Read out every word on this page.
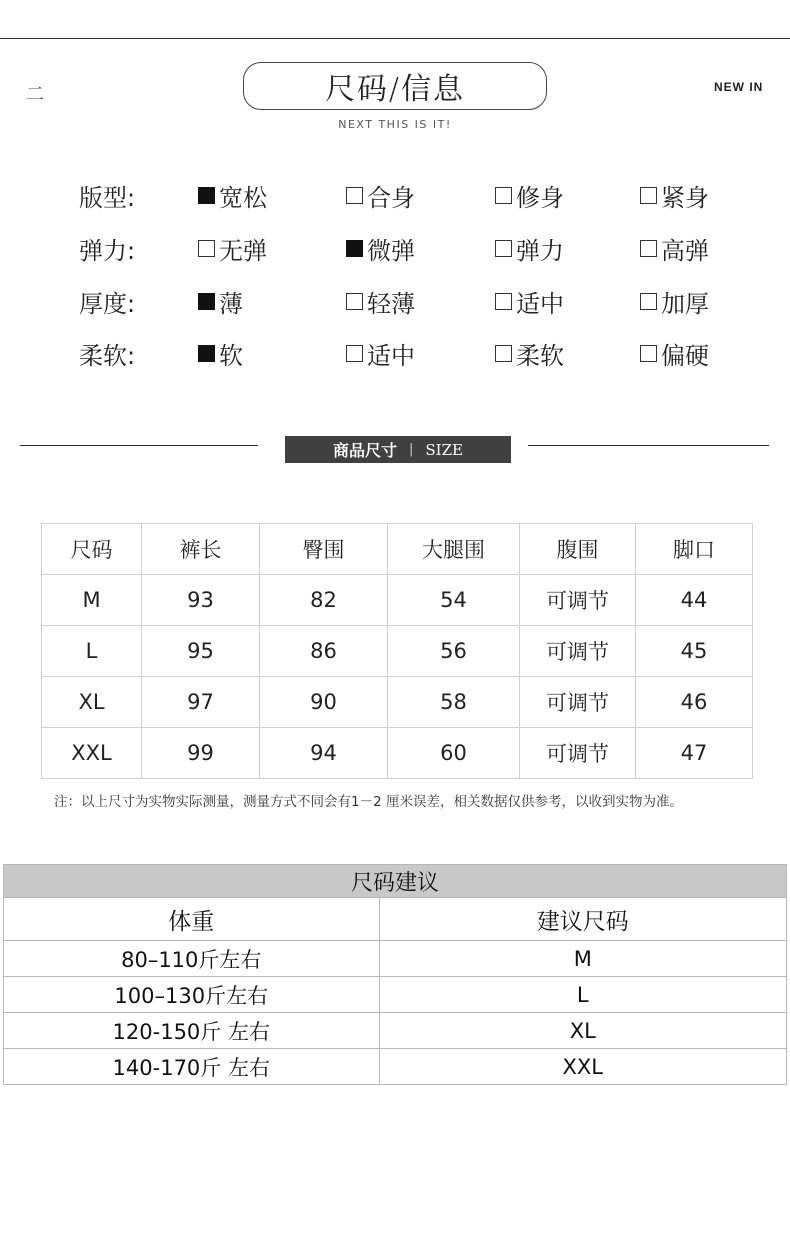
二	尺码/信息
NEXT THIS IS IT!
NEW IN
版型:	宽松	合身	修身	紧身
弹力:	无弹	微弹	弹力	高弹
厚度:	薄	轻薄	适中	加厚
柔软:	软	适中	柔软	偏硬
商品尺寸 | SIZE
尺码	裤长	臀围	大腿围	腹围	脚口
M	93	82	54	可调节	44
L	95	86	56	可调节	45
XL	97	90	58	可调节	46
XXL	99	94	60	可调节	47
注：以上尺寸为实物实际测量，测量方式不同会有1－2 厘米误差，相关数据仅供参考，以收到实物为准。
尺码建议	
体重	建议尺码
80–110斤左右	M
100–130斤左右	L
120-150斤 左右	XL
140-170斤 左右	XXL
